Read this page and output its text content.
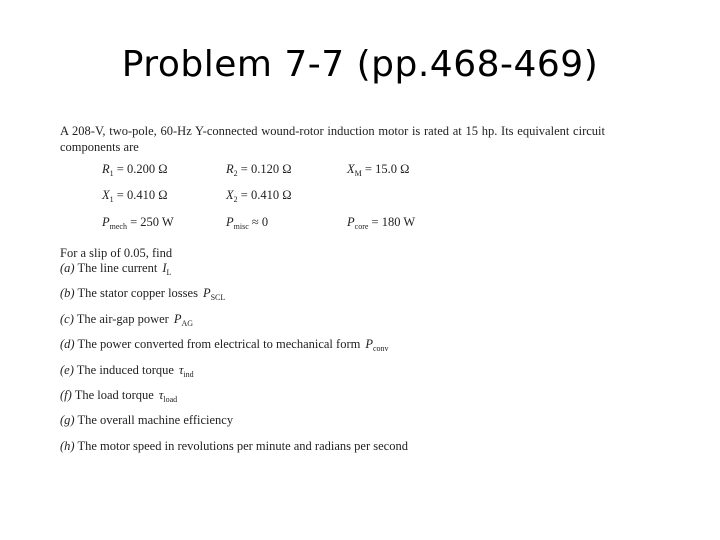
Problem 7-7 (pp.468-469)
A 208-V, two-pole, 60-Hz Y-connected wound-rotor induction motor is rated at 15 hp. Its equivalent circuit components are
$R_1 = 0.200$ Ω	$R_2 = 0.120$ Ω	$X_M = 15.0$ Ω
$X_1 = 0.410$ Ω	$X_2 = 0.410$ Ω
$P_{mech} = 250$ W	$P_{misc} \approx 0$	$P_{core} = 180$ W
For a slip of 0.05, find
(a) The line current $I_L$
(b) The stator copper losses $P_{SCL}$
(c) The air-gap power $P_{AG}$
(d) The power converted from electrical to mechanical form $P_{conv}$
(e) The induced torque $\tau_{ind}$
(f) The load torque $\tau_{load}$
(g) The overall machine efficiency
(h) The motor speed in revolutions per minute and radians per second
